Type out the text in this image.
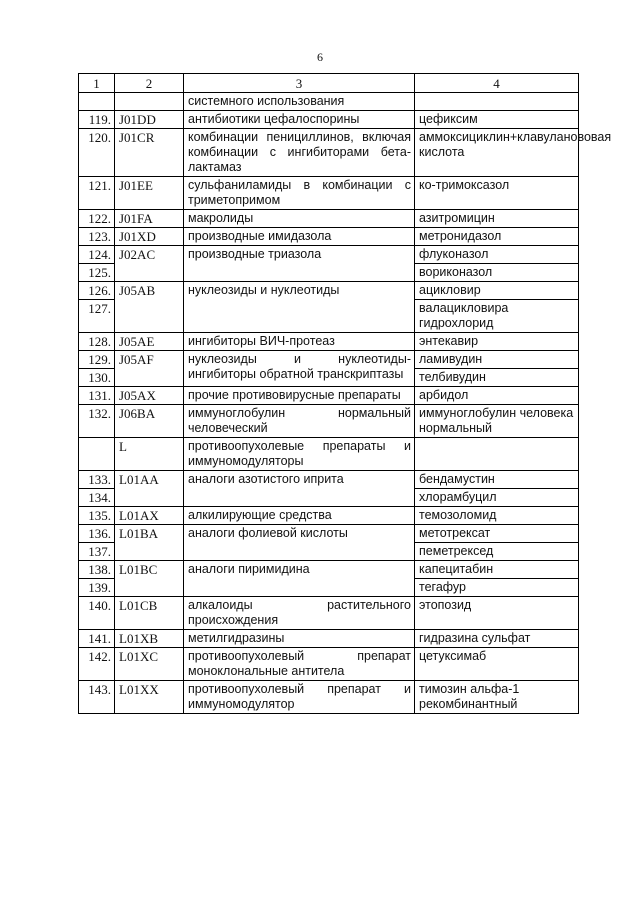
6
1	2	3	4
		системного использования	
119.	J01DD	антибиотики цефалоспорины	цефиксим
120.	J01CR	комбинации пенициллинов, включая комбинации с ингибиторами бета-лактамаз	аммоксициклин+клавуланововая кислота
121.	J01EE	сульфаниламиды в комбинации с триметопримом	ко-тримоксазол
122.	J01FA	макролиды	азитромицин
123.	J01XD	производные имидазола	метронидазол
124.	J02AC	производные триазола	флуконазол
125.			вориконазол
126.	J05AB	нуклеозиды и нуклеотиды	ацикловир
127.			валацикловира гидрохлорид
128.	J05AE	ингибиторы ВИЧ-протеаз	энтекавир
129.	J05AF	нуклеозиды и нуклеотиды-ингибиторы обратной транскриптазы	ламивудин
130.			телбивудин
131.	J05AX	прочие противовирусные препараты	арбидол
132.	J06BA	иммуноглобулин нормальный человеческий	иммуноглобулин человека нормальный
	L	противоопухолевые препараты и иммуномодуляторы	
133.	L01AA	аналоги азотистого иприта	бендамустин
134.			хлорамбуцил
135.	L01AX	алкилирующие средства	темозоломид
136.	L01BA	аналоги фолиевой кислоты	метотрексат
137.			пеметрексед
138.	L01BC	аналоги пиримидина	капецитабин
139.			тегафур
140.	L01CB	алкалоиды растительного происхождения	этопозид
141.	L01XB	метилгидразины	гидразина сульфат
142.	L01XC	противоопухолевый препарат моноклональные антитела	цетуксимаб
143.	L01XX	противоопухолевый препарат и иммуномодулятор	тимозин альфа-1 рекомбинантный
